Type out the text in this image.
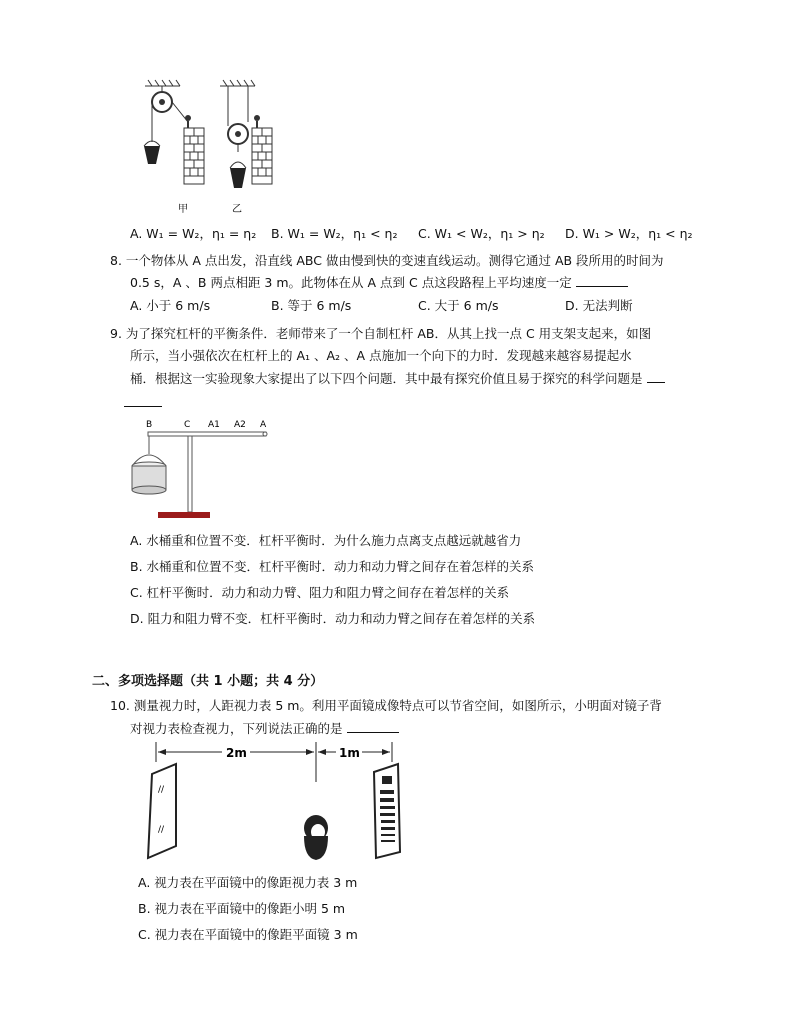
甲	乙
A. W₁ = W₂，η₁ = η₂ B. W₁ = W₂，η₁ < η₂ C. W₁ < W₂，η₁ > η₂ D. W₁ > W₂，η₁ < η₂
8. 一个物体从 A 点出发，沿直线 ABC 做由慢到快的变速直线运动。测得它通过 AB 段所用的时间为
0.5 s，A 、B 两点相距 3 m。此物体在从 A 点到 C 点这段路程上平均速度一定
A. 小于 6 m/s	B. 等于 6 m/s	C. 大于 6 m/s	D. 无法判断
9. 为了探究杠杆的平衡条件．老师带来了一个自制杠杆 AB．从其上找一点 C 用支架支起来，如图
所示，当小强依次在杠杆上的 A₁ 、A₂ 、A 点施加一个向下的力时．发现越来越容易提起水
桶．根据这一实验现象大家提出了以下四个问题．其中最有探究价值且易于探究的科学问题是
B	C A1 A2 A
A. 水桶重和位置不变．杠杆平衡时．为什么施力点离支点越远就越省力
B. 水桶重和位置不变．杠杆平衡时．动力和动力臂之间存在着怎样的关系
C. 杠杆平衡时．动力和动力臂、阻力和阻力臂之间存在着怎样的关系
D. 阻力和阻力臂不变．杠杆平衡时．动力和动力臂之间存在着怎样的关系
二、多项选择题（共 1 小题；共 4 分）
10. 测量视力时，人距视力表 5 m。利用平面镜成像特点可以节省空间，如图所示，小明面对镜子背
对视力表检查视力，下列说法正确的是
2m	1m
//
//
A. 视力表在平面镜中的像距视力表 3 m
B. 视力表在平面镜中的像距小明 5 m
C. 视力表在平面镜中的像距平面镜 3 m
